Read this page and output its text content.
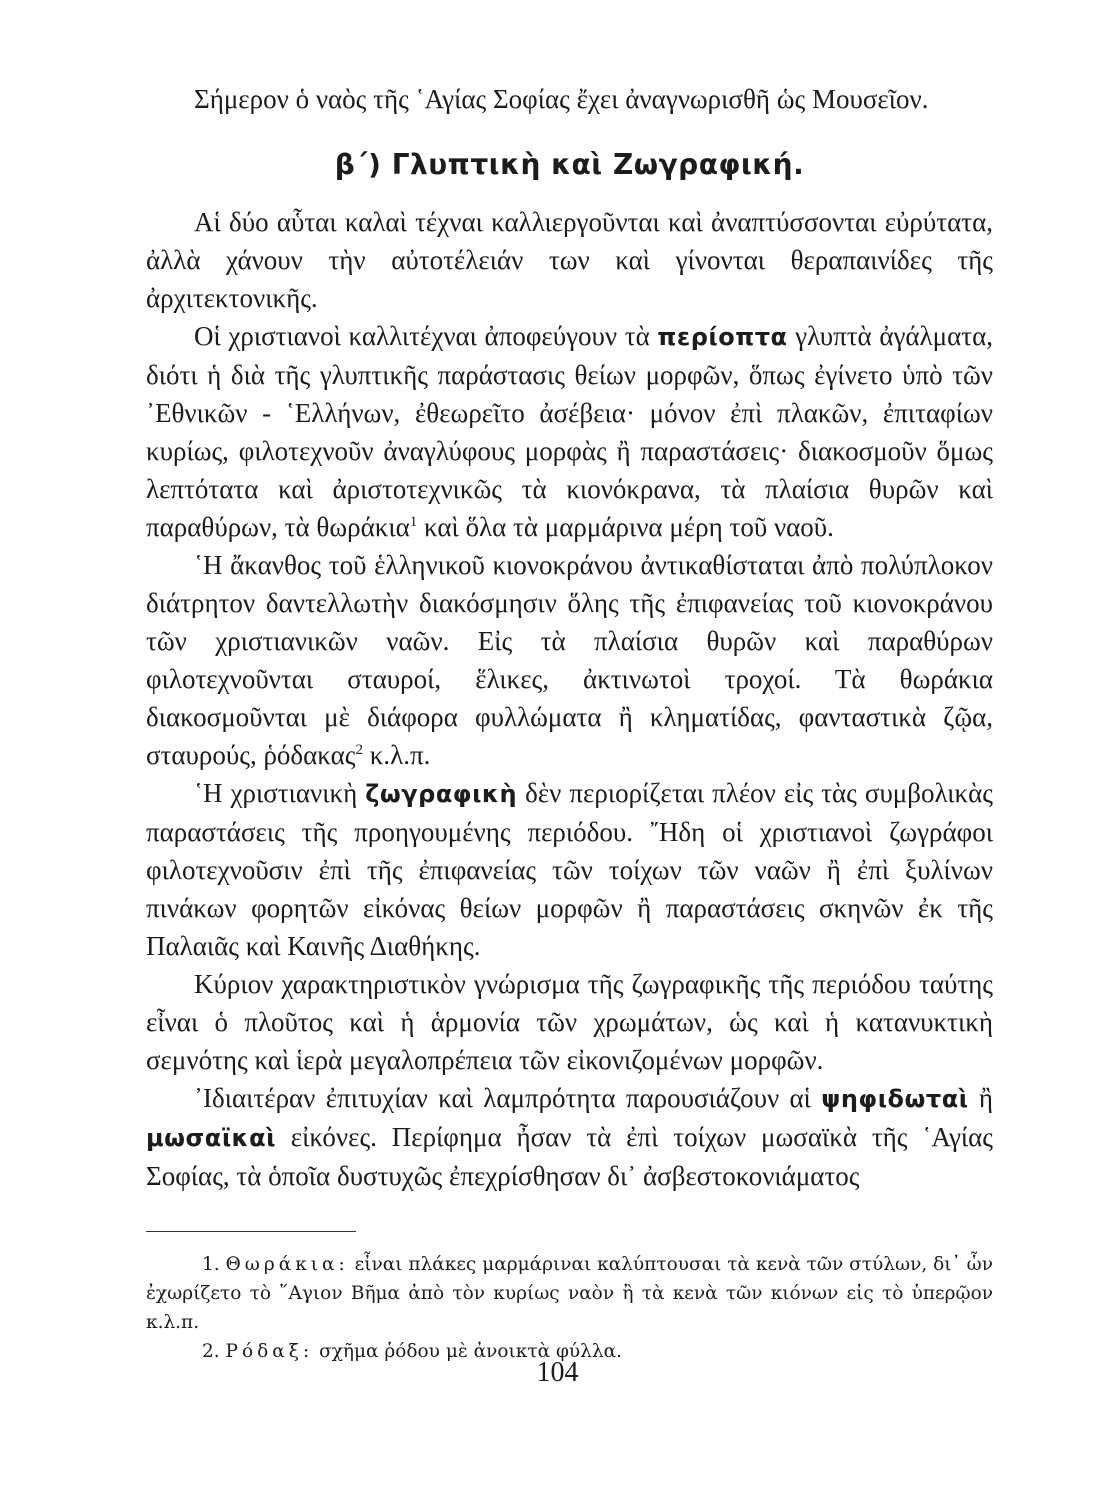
Σήμερον ὁ ναὸς τῆς ῾Αγίας Σοφίας ἔχει ἀναγνωρισθῆ ὡς Μουσεῖον.

β΄) Γλυπτικὴ καὶ Ζωγραφική.

Αἱ δύο αὗται καλαὶ τέχναι καλλιεργοῦνται καὶ ἀναπτύσσονται εὐρύτατα, ἀλλὰ χάνουν τὴν αὐτοτέλειάν των καὶ γίνονται θεραπαινίδες τῆς ἀρχιτεκτονικῆς.

Οἱ χριστιανοὶ καλλιτέχναι ἀποφεύγουν τὰ περίοπτα γλυπτὰ ἀγάλματα, διότι ἡ διὰ τῆς γλυπτικῆς παράστασις θείων μορφῶν, ὅπως ἐγίνετο ὑπὸ τῶν ᾿Εθνικῶν - ῾Ελλήνων, ἐθεωρεῖτο ἀσέβεια· μόνον ἐπὶ πλακῶν, ἐπιταφίων κυρίως, φιλοτεχνοῦν ἀναγλύφους μορφὰς ἢ παραστάσεις· διακοσμοῦν ὅμως λεπτότατα καὶ ἀριστοτεχνικῶς τὰ κιονόκρανα, τὰ πλαίσια θυρῶν καὶ παραθύρων, τὰ θωράκια$^1$ καὶ ὅλα τὰ μαρμάρινα μέρη τοῦ ναοῦ.

῾Η ἄκανθος τοῦ ἑλληνικοῦ κιονοκράνου ἀντικαθίσταται ἀπὸ πολύπλοκον διάτρητον δαντελλωτὴν διακόσμησιν ὅλης τῆς ἐπιφανείας τοῦ κιονοκράνου τῶν χριστιανικῶν ναῶν. Εἰς τὰ πλαίσια θυρῶν καὶ παραθύρων φιλοτεχνοῦνται σταυροί, ἕλικες, ἀκτινωτοὶ τροχοί. Τὰ θωράκια διακοσμοῦνται μὲ διάφορα φυλλώματα ἢ κληματίδας, φανταστικὰ ζῷα, σταυρούς, ῥόδακας$^2$ κ.λ.π.

῾Η χριστιανικὴ ζωγραφικὴ δὲν περιορίζεται πλέον εἰς τὰς συμβολικὰς παραστάσεις τῆς προηγουμένης περιόδου. ῎Ηδη οἱ χριστιανοὶ ζωγράφοι φιλοτεχνοῦσιν ἐπὶ τῆς ἐπιφανείας τῶν τοίχων τῶν ναῶν ἢ ἐπὶ ξυλίνων πινάκων φορητῶν εἰκόνας θείων μορφῶν ἢ παραστάσεις σκηνῶν ἐκ τῆς Παλαιᾶς καὶ Καινῆς Διαθήκης.

Κύριον χαρακτηριστικὸν γνώρισμα τῆς ζωγραφικῆς τῆς περιόδου ταύτης εἶναι ὁ πλοῦτος καὶ ἡ ἁρμονία τῶν χρωμάτων, ὡς καὶ ἡ κατανυκτικὴ σεμνότης καὶ ἱερὰ μεγαλοπρέπεια τῶν εἰκονιζομένων μορφῶν.

᾿Ιδιαιτέραν ἐπιτυχίαν καὶ λαμπρότητα παρουσιάζουν αἱ ψηφιδωταὶ ἢ μωσαϊκαὶ εἰκόνες. Περίφημα ἦσαν τὰ ἐπὶ τοίχων μωσαϊκὰ τῆς ῾Αγίας Σοφίας, τὰ ὁποῖα δυστυχῶς ἐπεχρίσθησαν δι᾿ ἀσβεστοκονιάματος

1. Θωράκια: εἶναι πλάκες μαρμάριναι καλύπτουσαι τὰ κενὰ τῶν στύλων, δι᾿ ὧν ἐχωρίζετο τὸ ῞Αγιον Βῆμα ἀπὸ τὸν κυρίως ναὸν ἢ τὰ κενὰ τῶν κιόνων εἰς τὸ ὑπερῷον κ.λ.π.

2. Ρόδαξ: σχῆμα ῥόδου μὲ ἀνοικτὰ φύλλα.

104
